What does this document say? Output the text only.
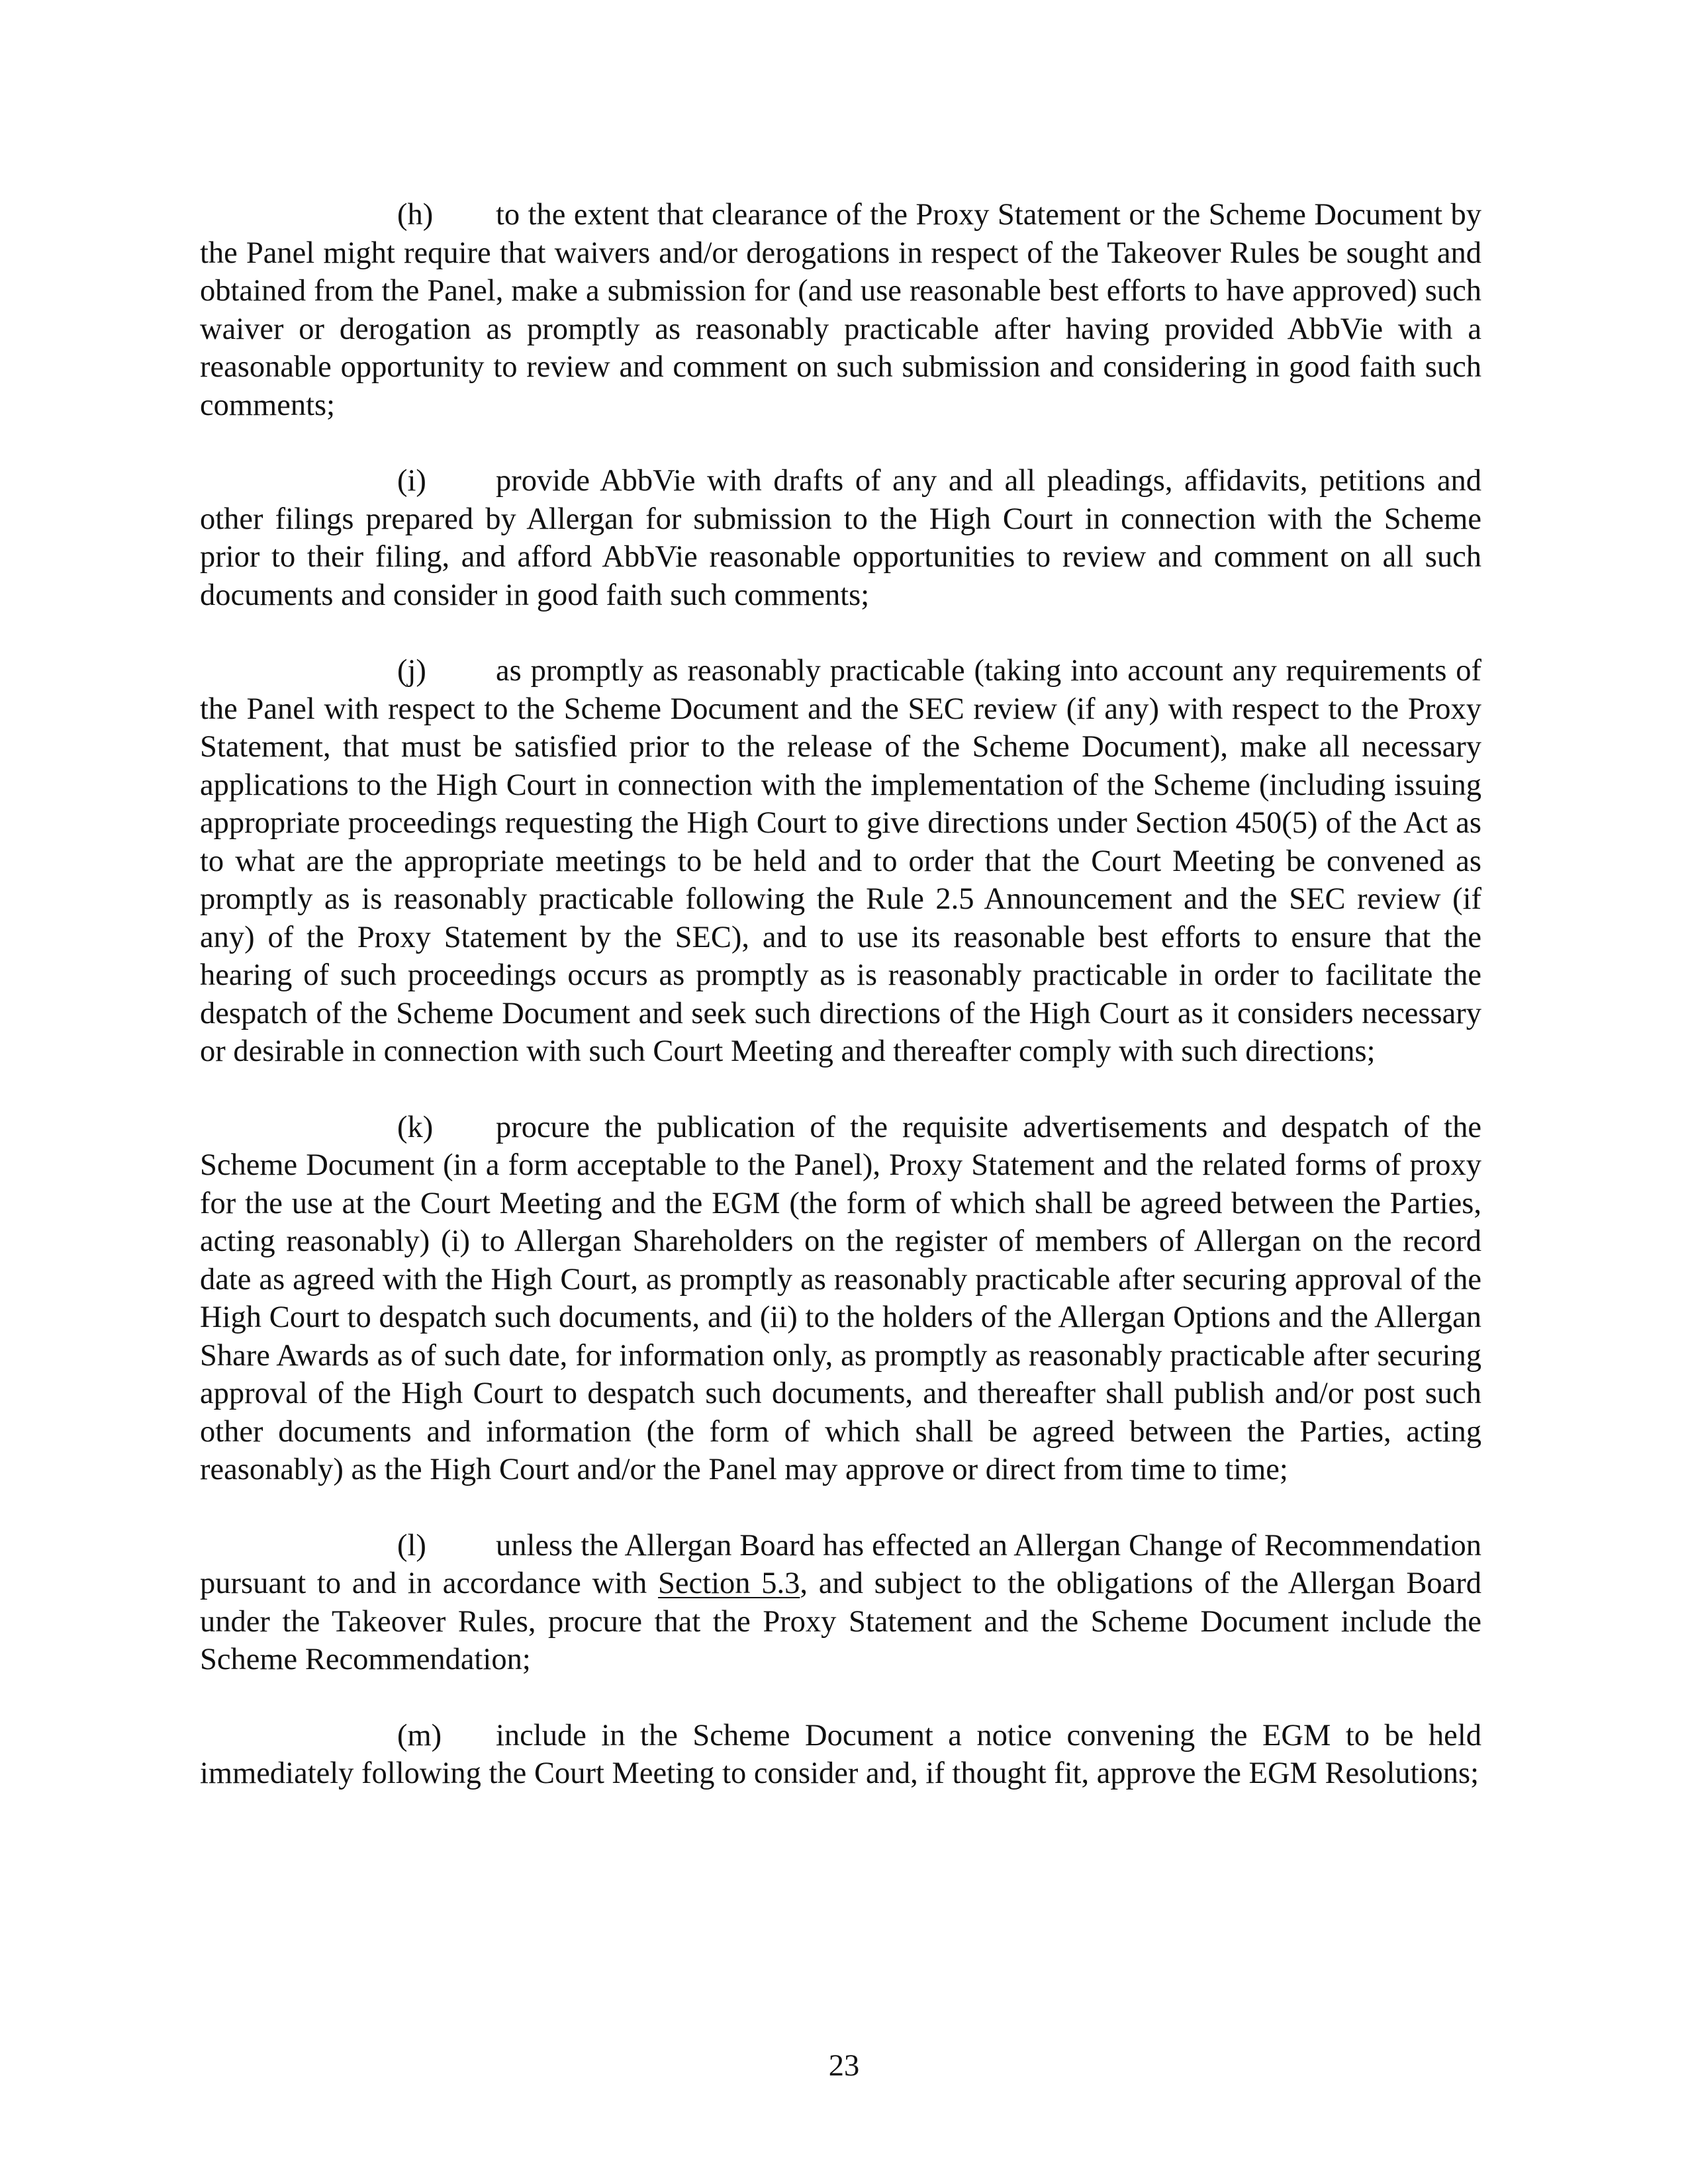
(h) to the extent that clearance of the Proxy Statement or the Scheme Document by the Panel might require that waivers and/or derogations in respect of the Takeover Rules be sought and obtained from the Panel, make a submission for (and use reasonable best efforts to have approved) such waiver or derogation as promptly as reasonably practicable after having provided AbbVie with a reasonable opportunity to review and comment on such submission and considering in good faith such comments;

(i) provide AbbVie with drafts of any and all pleadings, affidavits, petitions and other filings prepared by Allergan for submission to the High Court in connection with the Scheme prior to their filing, and afford AbbVie reasonable opportunities to review and comment on all such documents and consider in good faith such comments;

(j) as promptly as reasonably practicable (taking into account any requirements of the Panel with respect to the Scheme Document and the SEC review (if any) with respect to the Proxy Statement, that must be satisfied prior to the release of the Scheme Document), make all necessary applications to the High Court in connection with the implementation of the Scheme (including issuing appropriate proceedings requesting the High Court to give directions under Section 450(5) of the Act as to what are the appropriate meetings to be held and to order that the Court Meeting be convened as promptly as is reasonably practicable following the Rule 2.5 Announcement and the SEC review (if any) of the Proxy Statement by the SEC), and to use its reasonable best efforts to ensure that the hearing of such proceedings occurs as promptly as is reasonably practicable in order to facilitate the despatch of the Scheme Document and seek such directions of the High Court as it considers necessary or desirable in connection with such Court Meeting and thereafter comply with such directions;

(k) procure the publication of the requisite advertisements and despatch of the Scheme Document (in a form acceptable to the Panel), Proxy Statement and the related forms of proxy for the use at the Court Meeting and the EGM (the form of which shall be agreed between the Parties, acting reasonably) (i) to Allergan Shareholders on the register of members of Allergan on the record date as agreed with the High Court, as promptly as reasonably practicable after securing approval of the High Court to despatch such documents, and (ii) to the holders of the Allergan Options and the Allergan Share Awards as of such date, for information only, as promptly as reasonably practicable after securing approval of the High Court to despatch such documents, and thereafter shall publish and/or post such other documents and information (the form of which shall be agreed between the Parties, acting reasonably) as the High Court and/or the Panel may approve or direct from time to time;

(l) unless the Allergan Board has effected an Allergan Change of Recommendation pursuant to and in accordance with Section 5.3, and subject to the obligations of the Allergan Board under the Takeover Rules, procure that the Proxy Statement and the Scheme Document include the Scheme Recommendation;

(m) include in the Scheme Document a notice convening the EGM to be held immediately following the Court Meeting to consider and, if thought fit, approve the EGM Resolutions;

23
